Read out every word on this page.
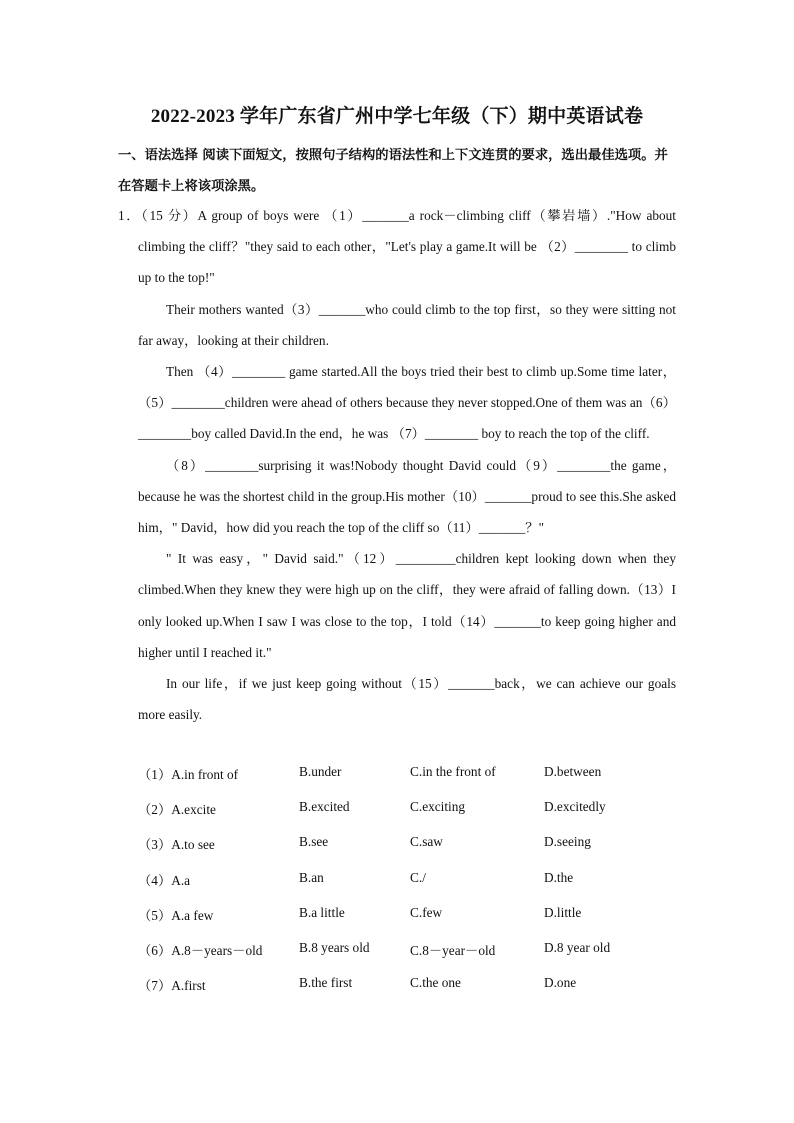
2022-2023 学年广东省广州中学七年级（下）期中英语试卷
一、语法选择 阅读下面短文，按照句子结构的语法性和上下文连贯的要求，选出最佳选项。并在答题卡上将该项涂黑。

1．（15 分）A group of boys were （1）_______a rock－climbing cliff（攀岩墙）."How about climbing the cliff？"they said to each other，"Let's play a game.It will be （2）________ to climb up to the top!"

Their mothers wanted（3）_______who could climb to the top first，so they were sitting not far away，looking at their children.

Then （4）________ game started.All the boys tried their best to climb up.Some time later，（5）________children were ahead of others because they never stopped.One of them was an（6）________boy called David.In the end，he was （7）________ boy to reach the top of the cliff.

（8）________surprising it was!Nobody thought David could（9）________the game，because he was the shortest child in the group.His mother（10）_______proud to see this.She asked him，" David，how did you reach the top of the cliff so（11）_______？"

" It was easy，" David said."（12）_________children kept looking down when they climbed.When they knew they were high up on the cliff，they were afraid of falling down.（13）I only looked up.When I saw I was close to the top，I told（14）_______to keep going higher and higher until I reached it."

In our life，if we just keep going without（15）_______back，we can achieve our goals more easily.

（1）A.in front of	B.under	C.in the front of	D.between
（2）A.excite	B.excited	C.exciting	D.excitedly
（3）A.to see	B.see	C.saw	D.seeing
（4）A.a	B.an	C./	D.the
（5）A.a few	B.a little	C.few	D.little
（6）A.8－years－old	B.8 years old	C.8－year－old	D.8 year old
（7）A.first	B.the first	C.the one	D.one
